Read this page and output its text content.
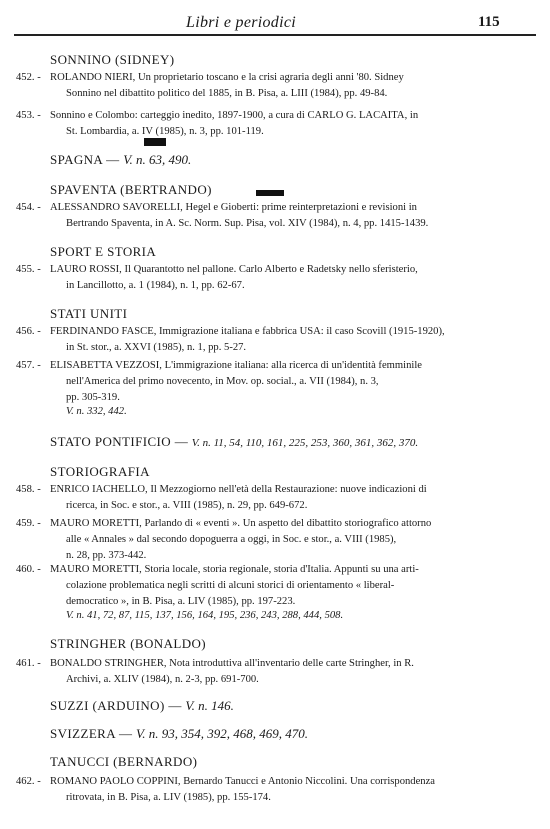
Libri e periodici	115
SONNINO (SIDNEY)
452. - ROLANDO NIERI, Un proprietario toscano e la crisi agraria degli anni '80. Sidney
Sonnino nel dibattito politico del 1885, in B. Pisa, a. LIII (1984), pp. 49-84.
453. - Sonnino e Colombo: carteggio inedito, 1897-1900, a cura di CARLO G. LACAITA, in
St. Lombardia, a. IV (1985), n. 3, pp. 101-119.
SPAGNA — V. n. 63, 490.
SPAVENTA (BERTRANDO)
454. - ALESSANDRO SAVORELLI, Hegel e Gioberti: prime reinterpretazioni e revisioni in
Bertrando Spaventa, in A. Sc. Norm. Sup. Pisa, vol. XIV (1984), n. 4, pp. 1415-1439.
SPORT E STORIA
455. - LAURO ROSSI, Il Quarantotto nel pallone. Carlo Alberto e Radetsky nello sferisterio,
in Lancillotto, a. 1 (1984), n. 1, pp. 62-67.
STATI UNITI
456. - FERDINANDO FASCE, Immigrazione italiana e fabbrica USA: il caso Scovill (1915-1920),
in St. stor., a. XXVI (1985), n. 1, pp. 5-27.
457. - ELISABETTA VEZZOSI, L'immigrazione italiana: alla ricerca di un'identità femminile
nell'America del primo novecento, in Mov. op. social., a. VII (1984), n. 3,
pp. 305-319.
V. n. 332, 442.
STATO PONTIFICIO — V. n. 11, 54, 110, 161, 225, 253, 360, 361, 362, 370.
STORIOGRAFIA
458. - ENRICO IACHELLO, Il Mezzogiorno nell'età della Restaurazione: nuove indicazioni di
ricerca, in Soc. e stor., a. VIII (1985), n. 29, pp. 649-672.
459. - MAURO MORETTI, Parlando di « eventi ». Un aspetto del dibattito storiografico attorno
alle « Annales » dal secondo dopoguerra a oggi, in Soc. e stor., a. VIII (1985),
n. 28, pp. 373-442.
460. - MAURO MORETTI, Storia locale, storia regionale, storia d'Italia. Appunti su una arti-
colazione problematica negli scritti di alcuni storici di orientamento « liberal-
democratico », in B. Pisa, a. LIV (1985), pp. 197-223.
V. n. 41, 72, 87, 115, 137, 156, 164, 195, 236, 243, 288, 444, 508.
STRINGHER (BONALDO)
461. - BONALDO STRINGHER, Nota introduttiva all'inventario delle carte Stringher, in R.
Archivi, a. XLIV (1984), n. 2-3, pp. 691-700.
SUZZI (ARDUINO) — V. n. 146.
SVIZZERA — V. n. 93, 354, 392, 468, 469, 470.
TANUCCI (BERNARDO)
462. - ROMANO PAOLO COPPINI, Bernardo Tanucci e Antonio Niccolini. Una corrispondenza
ritrovata, in B. Pisa, a. LIV (1985), pp. 155-174.
